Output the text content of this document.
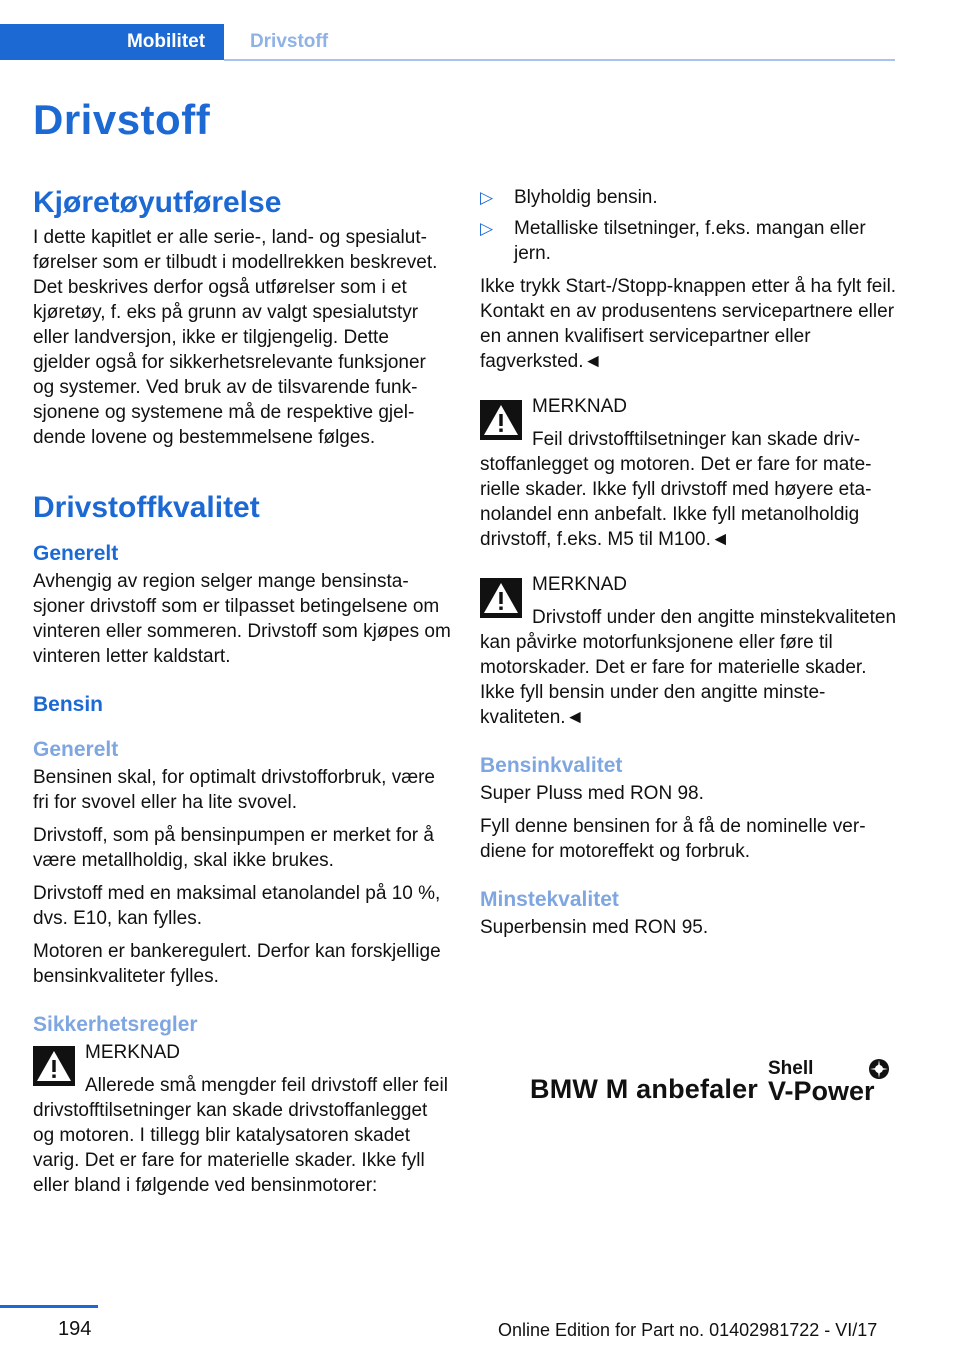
Mobilitet	Drivstoff
Drivstoff
Kjøretøyutførelse

I dette kapitlet er alle serie-, land- og spesialutførelser som er tilbudt i modellrekken beskrevet. Det beskrives derfor også utførelser som i et kjøretøy, f. eks på grunn av valgt spesialutstyr eller landversjon, ikke er tilgjengelig. Dette gjelder også for sikkerhetsrelevante funksjoner og systemer. Ved bruk av de tilsvarende funksjonene og systemene må de respektive gjeldende lovene og bestemmelsene følges.

Drivstoffkvalitet
Generelt

Avhengig av region selger mange bensinstasjoner drivstoff som er tilpasset betingelsene om vinteren eller sommeren. Drivstoff som kjøpes om vinteren letter kaldstart.

Bensin
Generelt

Bensinen skal, for optimalt drivstofforbruk, være fri for svovel eller ha lite svovel.

Drivstoff, som på bensinpumpen er merket for å være metallholdig, skal ikke brukes.

Drivstoff med en maksimal etanolandel på 10 %, dvs. E10, kan fylles.

Motoren er bankeregulert. Derfor kan forskjellige bensinkvaliteter fylles.

Sikkerhetsregler
MERKNAD
Allerede små mengder feil drivstoff eller feil drivstofftilsetninger kan skade drivstoffanlegget og motoren. I tillegg blir katalysatoren skadet varig. Det er fare for materielle skader. Ikke fyll eller bland i følgende ved bensinmotorer:
▷ Blyholdig bensin.
▷ Metalliske tilsetninger, f.eks. mangan eller jern.

Ikke trykk Start-/Stopp-knappen etter å ha fylt feil. Kontakt en av produsentens servicepartnere eller en annen kvalifisert servicepartner eller fagverksted.◄

MERKNAD
Feil drivstofftilsetninger kan skade drivstoffanlegget og motoren. Det er fare for materielle skader. Ikke fyll drivstoff med høyere etanolandel enn anbefalt. Ikke fyll metanolholdig drivstoff, f.eks. M5 til M100.◄
MERKNAD
Drivstoff under den angitte minstekvaliteten kan påvirke motorfunksjonene eller føre til motorskader. Det er fare for materielle skader. Ikke fyll bensin under den angitte minstekvaliteten.◄
Bensinkvalitet

Super Pluss med RON 98.

Fyll denne bensinen for å få de nominelle verdiene for motoreffekt og forbruk.

Minstekvalitet

Superbensin med RON 95.

BMW M anbefaler
Shell
V-Power
194	Online Edition for Part no. 01402981722 - VI/17
